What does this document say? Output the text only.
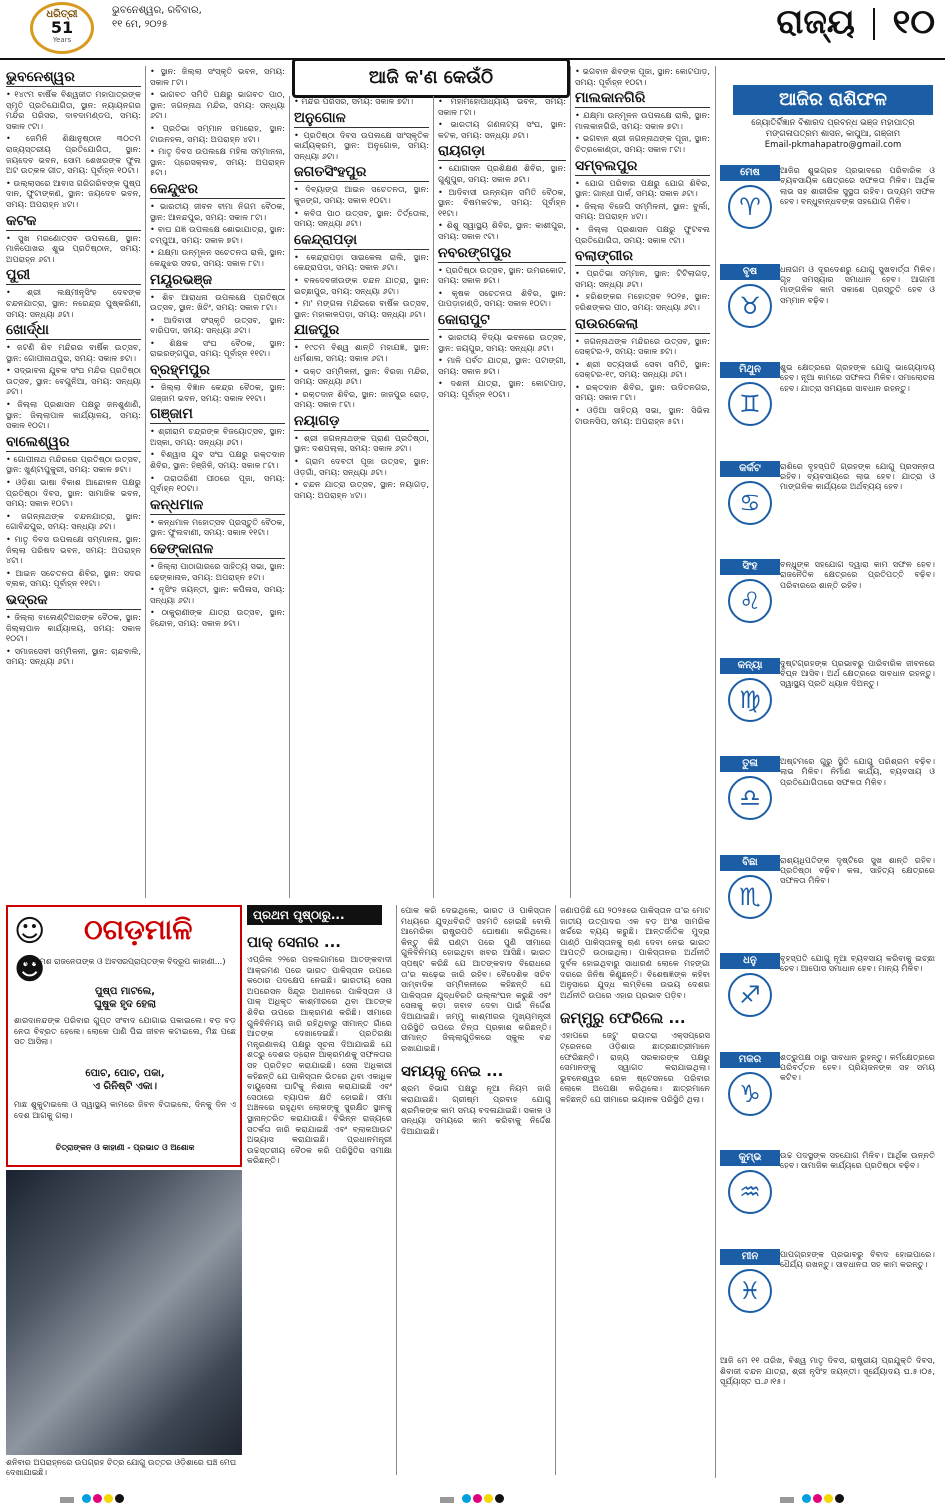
ଧରିତ୍ରୀ
51
Years
ଭୁବନେଶ୍ୱର, ରବିବାର,
୧୧ ମେ, ୨୦୨୫	ରାଜ୍ୟ ୧୦
ଆଜି କ'ଣ କେଉଁଠି
ଭୁବନେଶ୍ୱର

• ୧୪୯ମ ବାର୍ଷିକ ବିଶ୍ୱଜୀତ ମହାପାତ୍ରଙ୍କ ସ୍ମୃତି ପ୍ରତିଯୋଗିତା, ସ୍ଥାନ: ନ୍ୟାୟନଗର ମନ୍ଦିର ପରିସର, ଦାବଦାମଣ୍ଡପ, ସମୟ: ସକାଳ ୯ଟା।

• ଜେମିନି ଶିକ୍ଷାନୁଷ୍ଠାନ ୩୦ତମ ରାଜ୍ୟସ୍ତରୀୟ ପ୍ରତିଯୋଗିତା, ସ୍ଥାନ: ଜୟଦେବ ଭବନ, ସୋମ ଶେଖରଙ୍କ ଫୁଲ ଅଟ ଉତ୍କଳ ଗୀତ, ସମୟ: ପୂର୍ବାହ୍ନ ୧୦ଟା।

• ଉଲ୍ଲାସରେ ଆବାସ ଗରିଗରିବଙ୍କ ପୁଷ୍ପ ଦାନ, ଫୁଟାଙ୍କଣ, ସ୍ଥାନ: ଜୟଦେବ ଭବନ, ସମୟ: ଅପରାହ୍ନ ୪ଟା।

କଟକ

• ସୁଖ ମରଣୋତ୍ସବ ଉପଲକ୍ଷେ, ସ୍ଥାନ: ମାଳିପୋଖର ଶୁଭ ପ୍ରତିଷ୍ଠାନ, ସମୟ: ଅପରାହ୍ନ ୬ଟା।

ପୁରୀ

• ଶ୍ରୀ ଲକ୍ଷ୍ମୀନୃସିଂହ ଦେବଙ୍କ ଚନ୍ଦନଯାତ୍ରା, ସ୍ଥାନ: ନରେନ୍ଦ୍ର ପୁଷ୍କରିଣୀ, ସମୟ: ସନ୍ଧ୍ୟା ୬ଟା।

ଖୋର୍ଦ୍ଧା

• ଜଟଣି ଶିବ ମନ୍ଦିରର ବାର୍ଷିକ ଉତ୍ସବ, ସ୍ଥାନ: ଗୋପୀନାଥପୁର, ସମୟ: ସକାଳ ୭ଟା।

• ସଦ୍ଭାବନା ଯୁବକ ସଂଘ ମନ୍ଦିର ପ୍ରତିଷ୍ଠା ଉତ୍ସବ, ସ୍ଥାନ: ବେଗୁନିଆ, ସମୟ: ସନ୍ଧ୍ୟା ୬ଟା।

• ଜିଲ୍ଲା ପ୍ରଶାସନ ପକ୍ଷରୁ ଜନଶୁଣାଣି, ସ୍ଥାନ: ଜିଲ୍ଲାପାଳ କାର୍ଯ୍ୟାଳୟ, ସମୟ: ସକାଳ ୧୦ଟା।

ବାଲେଶ୍ୱର

• ଗୋପୀନାଥ ମନ୍ଦିରରେ ପ୍ରତିଷ୍ଠା ଉତ୍ସବ, ସ୍ଥାନ: ଖୁଣ୍ଟାପୁକୁରୀ, ସମୟ: ସକାଳ ୭ଟା।

• ଓଡ଼ିଶା ଭାଷା ବିକାଶ ଆନ୍ଦୋଳନ ପକ୍ଷରୁ ପ୍ରତିଷ୍ଠା ଦିବସ, ସ୍ଥାନ: ସାମାଜିକ ଭବନ, ସମୟ: ସକାଳ ୧୦ଟା।

• ଜଗନ୍ନାଥଙ୍କ ଚନ୍ଦନଯାତ୍ରା, ସ୍ଥାନ: ଗୋବିନ୍ଦପୁର, ସମୟ: ସନ୍ଧ୍ୟା ୬ଟା।

• ମାତୃ ଦିବସ ଉପଲକ୍ଷେ ସମ୍ମାନନା, ସ୍ଥାନ: ଜିଲ୍ଲା ପରିଷଦ ଭବନ, ସମୟ: ଅପରାହ୍ନ ୪ଟା।

• ଆଇନ ସଚେତନତା ଶିବିର, ସ୍ଥାନ: ସଦର ବ୍ଲକ, ସମୟ: ପୂର୍ବାହ୍ନ ୧୧ଟା।

ଭଦ୍ରକ

• ଜିଲ୍ଲା ବାଲେଣ୍ଟିଅରଙ୍କ ବୈଠକ, ସ୍ଥାନ: ଜିଲ୍ଲାପାଳ କାର୍ଯ୍ୟାଳୟ, ସମୟ: ସକାଳ ୧୦ଟା।

• ସମାଜସେବୀ ସମ୍ମିଳନୀ, ସ୍ଥାନ: ଚାନ୍ଦବାଲି, ସମୟ: ସନ୍ଧ୍ୟା ୬ଟା।

• ସ୍ଥାନ: ଜିଲ୍ଲା ସଂସ୍କୃତି ଭବନ, ସମୟ: ସକାଳ ୮ଟା।

• ଭାଗବତ ସମିତି ପକ୍ଷରୁ ଭାଗବତ ପାଠ, ସ୍ଥାନ: ଜଗନ୍ନାଥ ମନ୍ଦିର, ସମୟ: ସନ୍ଧ୍ୟା ୬ଟା।

• ପ୍ରତିଭା ସମ୍ମାନ ସମାରୋହ, ସ୍ଥାନ: ଟାଉନହଲ, ସମୟ: ଅପରାହ୍ନ ୪ଟା।

• ମାତୃ ଦିବସ ଉପଲକ୍ଷେ ମହିଳା ସମ୍ମାନନା, ସ୍ଥାନ: ପ୍ରେସକ୍ଲବ, ସମୟ: ଅପରାହ୍ନ ୫ଟା।

କେନ୍ଦୁଝର

• ଭାରତୀୟ ଜୀବନ ବୀମା ନିଗମ ବୈଠକ, ସ୍ଥାନ: ଆନନ୍ଦପୁର, ସମୟ: ସକାଳ ୮ଟା।

• ବାଘ ଯଜ୍ଞ ଉପଲକ୍ଷେ ଶୋଭାଯାତ୍ରା, ସ୍ଥାନ: ଚମ୍ପୁଆ, ସମୟ: ସକାଳ ୭ଟା।

• ଯକ୍ଷ୍ମା ଉନ୍ମୂଳନ ସଚେତନତା ରାଲି, ସ୍ଥାନ: କେନ୍ଦୁଝର ସଦର, ସମୟ: ସକାଳ ୮ଟା।

ମୟୂରଭଞ୍ଜ

• ଶିବ ଆରାଧନା ଉପଲକ୍ଷେ ପ୍ରତିଷ୍ଠା ଉତ୍ସବ, ସ୍ଥାନ: ଖିଚିଂ, ସମୟ: ସକାଳ ୮ଟା।

• ଆଦିବାସୀ ସଂସ୍କୃତି ଉତ୍ସବ, ସ୍ଥାନ: ବାରିପଦା, ସମୟ: ସନ୍ଧ୍ୟା ୬ଟା।

• ଶିକ୍ଷକ ସଂଘ ବୈଠକ, ସ୍ଥାନ: ରାଇରଙ୍ଗପୁର, ସମୟ: ପୂର୍ବାହ୍ନ ୧୧ଟା।

ବ୍ରହ୍ମପୁର

• ଜିଲ୍ଲା ବିଜ୍ଞାନ କେନ୍ଦ୍ର ବୈଠକ, ସ୍ଥାନ: ଗଞ୍ଜାମ ଭବନ, ସମୟ: ସକାଳ ୧୧ଟା।

ଗଞ୍ଜାମ

• ଶ୍ରୀରାମ ଚନ୍ଦ୍ରଙ୍କ ବିଜୟୋତ୍ସବ, ସ୍ଥାନ: ଅସ୍କା, ସମୟ: ସନ୍ଧ୍ୟା ୬ଟା।

• ବିଶ୍ୱାସ ଯୁବ ସଂଘ ପକ୍ଷରୁ ରକ୍ତଦାନ ଶିବିର, ସ୍ଥାନ: ହିଞ୍ଜିଳି, ସମୟ: ସକାଳ ୮ଟା।

• ତାରାତାରିଣୀ ପୀଠରେ ପୂଜା, ସମୟ: ପୂର୍ବାହ୍ନ ୧୦ଟା।

କନ୍ଧମାଳ

• କନ୍ଧମାଳ ମହୋତ୍ସବ ପ୍ରସ୍ତୁତି ବୈଠକ, ସ୍ଥାନ: ଫୁଲବାଣୀ, ସମୟ: ସକାଳ ୧୧ଟା।

ଢେଙ୍କାନାଳ

• ଜିଲ୍ଲା ପାଠାଗାରରେ ସାହିତ୍ୟ ସଭା, ସ୍ଥାନ: ଢେଙ୍କାନାଳ, ସମୟ: ଅପରାହ୍ନ ୫ଟା।

• ନୃସିଂହ ଜୟନ୍ତୀ, ସ୍ଥାନ: କପିଳାସ, ସମୟ: ସନ୍ଧ୍ୟା ୬ଟା।

• ଠାକୁରାଣୀଙ୍କ ଯାତ୍ରା ଉତ୍ସବ, ସ୍ଥାନ: ହିନ୍ଦୋଳ, ସମୟ: ସକାଳ ୭ଟା।

• ମନ୍ଦିର ପରିସର, ସମୟ: ସକାଳ ୭ଟା।

ଅନୁଗୋଳ

• ପ୍ରତିଷ୍ଠା ଦିବସ ଉପଲକ୍ଷେ ସାଂସ୍କୃତିକ କାର୍ଯ୍ୟକ୍ରମ, ସ୍ଥାନ: ଅନୁଗୋଳ, ସମୟ: ସନ୍ଧ୍ୟା ୬ଟା।

ଜଗତସିଂହପୁର

• ଦିବ୍ୟାଙ୍ଗ ଆଇନ ସଚେତନତା, ସ୍ଥାନ: କୁଜଙ୍ଗ, ସମୟ: ସକାଳ ୧୦ଟା।

• କବିତା ପାଠ ଉତ୍ସବ, ସ୍ଥାନ: ତିର୍ତ୍ତୋଲ, ସମୟ: ସନ୍ଧ୍ୟା ୬ଟା।

କେନ୍ଦ୍ରାପଡ଼ା

• କେନ୍ଦ୍ରାପଡ଼ା ସାଇକେଲ ରାଲି, ସ୍ଥାନ: କେନ୍ଦ୍ରାପଡ଼ା, ସମୟ: ସକାଳ ୬ଟା।

• ବଳଦେବଜୀଉଙ୍କ ଚନ୍ଦନ ଯାତ୍ରା, ସ୍ଥାନ: ଇଚ୍ଛାପୁର, ସମୟ: ସନ୍ଧ୍ୟା ୬ଟା।

• ମା' ମଙ୍ଗଳା ମନ୍ଦିରରେ ବାର୍ଷିକ ଉତ୍ସବ, ସ୍ଥାନ: ମହାକାଳପଡ଼ା, ସମୟ: ସନ୍ଧ୍ୟା ୬ଟା।

ଯାଜପୁର

• ୧୯ତମ ବିଶ୍ୱ ଶାନ୍ତି ମହାଯଜ୍ଞ, ସ୍ଥାନ: ଧର୍ମଶାଳା, ସମୟ: ସକାଳ ୬ଟା।

• ଭକ୍ତ ସମ୍ମିଳନୀ, ସ୍ଥାନ: ବିରଜା ମନ୍ଦିର, ସମୟ: ସନ୍ଧ୍ୟା ୬ଟା।

• ରକ୍ତଦାନ ଶିବିର, ସ୍ଥାନ: ଜାଜପୁର ରୋଡ଼, ସମୟ: ସକାଳ ୮ଟା।

ନୟାଗଡ଼

• ଶ୍ରୀ ଜଗନ୍ନାଥଙ୍କ ପ୍ରାଣ ପ୍ରତିଷ୍ଠା, ସ୍ଥାନ: ଦଶପଲ୍ଲା, ସମୟ: ସକାଳ ୬ଟା।

• ଗ୍ରାମ ଦେବତୀ ପୂଜା ଉତ୍ସବ, ସ୍ଥାନ: ଓଡ଼ଗାଁ, ସମୟ: ସନ୍ଧ୍ୟା ୬ଟା।

• ଚନ୍ଦନ ଯାତ୍ରା ଉତ୍ସବ, ସ୍ଥାନ: ନୟାଗଡ଼, ସମୟ: ଅପରାହ୍ନ ୪ଟା।

• ମହାମହୋପାଧ୍ୟାୟ ଭବନ, ସମୟ: ସକାଳ ୮ଟା।

• ଭାରତୀୟ ଗଣନାଟ୍ୟ ସଂଘ, ସ୍ଥାନ: କଟକ, ସମୟ: ସନ୍ଧ୍ୟା ୬ଟା।

ରାୟଗଡ଼ା

• ଯୋଗାସନ ପ୍ରଶିକ୍ଷଣ ଶିବିର, ସ୍ଥାନ: ଗୁଣୁପୁର, ସମୟ: ସକାଳ ୬ଟା।

• ଆଦିବାସୀ ଉନ୍ନୟନ ସମିତି ବୈଠକ, ସ୍ଥାନ: ବିଷମକଟକ, ସମୟ: ପୂର୍ବାହ୍ନ ୧୧ଟା।

• ଶିଶୁ ସ୍ୱାସ୍ଥ୍ୟ ଶିବିର, ସ୍ଥାନ: କାଶୀପୁର, ସମୟ: ସକାଳ ୯ଟା।

ନବରଙ୍ଗପୁର

• ପ୍ରତିଷ୍ଠା ଉତ୍ସବ, ସ୍ଥାନ: ଉମରକୋଟ, ସମୟ: ସକାଳ ୭ଟା।

• କୃଷକ ସଚେତନତା ଶିବିର, ସ୍ଥାନ: ପାପଡ଼ାହାଣ୍ଡି, ସମୟ: ସକାଳ ୧୦ଟା।

କୋରାପୁଟ

• ଭାରତୀୟ ବିଦ୍ୟା ଭବନରେ ଉତ୍ସବ, ସ୍ଥାନ: ଜୟପୁର, ସମୟ: ସନ୍ଧ୍ୟା ୬ଟା।

• ମାଳି ପର୍ବତ ଯାତ୍ରା, ସ୍ଥାନ: ପଟାଙ୍ଗୀ, ସମୟ: ସକାଳ ୭ଟା।

• ଦଶନୀ ଯାତ୍ରା, ସ୍ଥାନ: କୋଟପାଡ଼, ସମୟ: ପୂର୍ବାହ୍ନ ୧୦ଟା।

• ଭଗବାନ ଶିବଙ୍କ ପୂଜା, ସ୍ଥାନ: କୋଟପାଡ଼, ସମୟ: ପୂର୍ବାହ୍ନ ୧୦ଟା।

ମାଲକାନଗିରି

• ଯକ୍ଷ୍ମା ଉନ୍ମୂଳନ ଉପଲକ୍ଷେ ରାଲି, ସ୍ଥାନ: ମାଲକାନଗିରି, ସମୟ: ସକାଳ ୭ଟା।

• ଭଗବାନ ଶ୍ରୀ ଜଗନ୍ନାଥଙ୍କ ପୂଜା, ସ୍ଥାନ: ଚିତ୍ରକୋଣ୍ଡା, ସମୟ: ସକାଳ ୮ଟା।

ସମ୍ବଲପୁର

• ଯୋଗ ପରିବାର ପକ୍ଷରୁ ଯୋଗ ଶିବିର, ସ୍ଥାନ: ଗାନ୍ଧୀ ପାର୍କ, ସମୟ: ସକାଳ ୬ଟା।

• ଜିଲ୍ଲା ବିଜେପି ସମ୍ମିଳନୀ, ସ୍ଥାନ: ବୁର୍ଲା, ସମୟ: ଅପରାହ୍ନ ୪ଟା।

• ଜିଲ୍ଲା ପ୍ରଶାସନ ପକ୍ଷରୁ ଫୁଟବଲ ପ୍ରତିଯୋଗିତା, ସମୟ: ସକାଳ ୯ଟା।

ବଲାଙ୍ଗୀର

• ପ୍ରତିଭା ସମ୍ମାନ, ସ୍ଥାନ: ଟିଟିଲାଗଡ଼, ସମୟ: ସନ୍ଧ୍ୟା ୬ଟା।

• ହରିଶଙ୍କର ମହୋତ୍ସବ ୨୦୨୫, ସ୍ଥାନ: ହରିଶଙ୍କର ପୀଠ, ସମୟ: ସନ୍ଧ୍ୟା ୬ଟା।

ରାଉରକେଲା

• ଜଗନ୍ନାଥଙ୍କ ମନ୍ଦିରରେ ଉତ୍ସବ, ସ୍ଥାନ: ସେକ୍ଟର-୨, ସମୟ: ସକାଳ ୭ଟା।

• ଶ୍ରୀ ସତ୍ୟସାଇଁ ସେବା ସମିତି, ସ୍ଥାନ: ସେକ୍ଟର-୧୯, ସମୟ: ସନ୍ଧ୍ୟା ୬ଟା।

• ରକ୍ତଦାନ ଶିବିର, ସ୍ଥାନ: ଉଦିତନଗର, ସମୟ: ସକାଳ ୮ଟା।

• ଓଡ଼ିଆ ସାହିତ୍ୟ ସଭା, ସ୍ଥାନ: ସିଭିଲ ଟାଉନସିପ, ସମୟ: ଅପରାହ୍ନ ୫ଟା।

ଆଜିର ରାଶିଫଳ
ଜ୍ୟୋତିର୍ବିଜ୍ଞାନ ବିଶାରଦ ପ୍ରବନ୍ଧ ଭଞ୍ଜ ମହାପାତ୍ର
ମଙ୍ଗଳାପତ୍ରମ ଶାସନ, କାପୁଆ, ଗଞ୍ଜାମ
Email-pkmahapatro@gmail.com
ମେଷ
♈
ଆଜିର ଶୁଭଗ୍ରହ ପ୍ରଭାବରେ ପରିବାରିକ ଓ ବ୍ୟବସାୟିକ କ୍ଷେତ୍ରରେ ସଫଳତା ମିଳିବ। ଆର୍ଥିକ ଲାଭ ସହ ଶାରୀରିକ ସୁସ୍ଥତା ରହିବ। ଉଦ୍ୟମ ସଫଳ ହେବ। ବନ୍ଧୁବାନ୍ଧବଙ୍କ ସହଯୋଗ ମିଳିବ।
ବୃଷ
♉
ଧନାଗମ ଓ ଦୂରଦେଶରୁ ଯୋଗୁ ସୁଖବାର୍ତ୍ତା ମିଳିବ। ଗୃହ ସମସ୍ୟାର ସମାଧାନ ହେବ। ଆଗାମୀ ମାଙ୍ଗଳିକ କାମ ସକାଶେ ପ୍ରସ୍ତୁତି ହେବ ଓ ସମ୍ମାନ ବଢ଼ିବ।
ମିଥୁନ
♊
ଶୁଭ କ୍ଷେତ୍ରରେ ଗ୍ରହଙ୍କ ଯୋଗୁ ଭାଗ୍ୟୋଦୟ ହେବ। ନୂଆ କାମରେ ସଫଳତା ମିଳିବ। ସମାଲୋଚନା ହେବ। ଯାତ୍ରା ସମୟରେ ସାବଧାନ ରହନ୍ତୁ।
କର୍କଟ
♋
ରାଶିରେ ବୃହସ୍ପତି ଗ୍ରହଙ୍କ ଯୋଗୁ ପ୍ରସନ୍ନତା ରହିବ। ବ୍ୟବସାୟରେ ଲାଭ ହେବ। ଯାତ୍ରା ଓ ମାଙ୍ଗଳିକ କାର୍ଯ୍ୟରେ ଅର୍ଥବ୍ୟୟ ହେବ।
ସିଂହ
♌
ବନ୍ଧୁଙ୍କ ସହଯୋଗ ଦ୍ୱାରା କାମ ସଫଳ ହେବ। ରାଜନୈତିକ କ୍ଷେତ୍ରରେ ପ୍ରତିପତ୍ତି ବଢ଼ିବ। ପରିବାରରେ ଶାନ୍ତି ରହିବ।
କନ୍ୟା
♍
ଦୁଷ୍ଟଗ୍ରହଙ୍କ ପ୍ରଭାବରୁ ପାରିବାରିକ ଜୀବନରେ ବିଘ୍ନ ଆସିବ। ଅର୍ଥ କ୍ଷେତ୍ରରେ ସାବଧାନ ରହନ୍ତୁ। ସ୍ୱାସ୍ଥ୍ୟ ପ୍ରତି ଧ୍ୟାନ ଦିଅନ୍ତୁ।
ତୁଳା
♎
ଅଷ୍ଟମରେ ଗୁରୁ ସ୍ଥିତି ଯୋଗୁ ପରିଶ୍ରମ ବଢ଼ିବ। ଲାଭ ମିଳିବ। ନିର୍ମାଣ କାର୍ଯ୍ୟ, ବ୍ୟବସାୟ ଓ ପ୍ରତିଯୋଗିତାରେ ସଫଳତା ମିଳିବ।
ବିଛା
♏
ରାଶ୍ୟଧିପତିଙ୍କ ଦୃଷ୍ଟିରେ ସୁଖ ଶାନ୍ତି ରହିବ। ପ୍ରତିଷ୍ଠା ବଢ଼ିବ। କଳା, ସାହିତ୍ୟ କ୍ଷେତ୍ରରେ ସଫଳତା ମିଳିବ।
ଧନୁ
♐
ବୃହସ୍ପତି ଯୋଗୁ ନୂଆ ବ୍ୟବସାୟ କରିବାକୁ ଇଚ୍ଛା ହେବ। ଆପୋସ ସମାଧାନ ହେବ। ମାନ୍ୟ ମିଳିବ।
ମକର
♑
ଶତ୍ରୁପକ୍ଷ ଠାରୁ ସାବଧାନ ରୁହନ୍ତୁ। କର୍ମକ୍ଷେତ୍ରରେ ପରିବର୍ତ୍ତନ ହେବ। ପ୍ରିୟଜନଙ୍କ ସହ ସମୟ କଟିବ।
କୁମ୍ଭ
♒
ଉଚ୍ଚ ପଦସ୍ଥଙ୍କ ସହଯୋଗ ମିଳିବ। ଆର୍ଥିକ ଉନ୍ନତି ହେବ। ସାମାଜିକ କାର୍ଯ୍ୟରେ ପ୍ରତିଷ୍ଠା ବଢ଼ିବ।
ମୀନ
♓
ପାପଗ୍ରହଙ୍କ ପ୍ରଭାବରୁ ବିବାଦ ହୋଇପାରେ। ଧୈର୍ଯ୍ୟ ରଖନ୍ତୁ। ସାବଧାନତା ସହ କାମ କରନ୍ତୁ।
ଆଜି ମେ ୧୧ ତାରିଖ, ବିଶ୍ୱ ମାତୃ ଦିବସ, ରାଷ୍ଟ୍ରୀୟ ପ୍ରଯୁକ୍ତି ଦିବସ, ଶିବାଜୀ ଚନ୍ଦନ ଯାତ୍ରା, ଶ୍ରୀ ନୃସିଂହ ଜୟନ୍ତୀ। ସୂର୍ଯ୍ୟୋଦୟ ଘ.୫।୦୫, ସୂର୍ଯ୍ୟାସ୍ତ ଘ.୬।୧୫।
☺☻
ଠଗଡ଼ମାଳି
(କ୍ରମଶ ରାଜନେତାଙ୍କ ଓ ଅବସରପ୍ରାପ୍ତଙ୍କ ବିଦ୍ରୂପ କାହାଣୀ...)
ପୁଷ୍ପ ମାଟଲେ,
ଘୁଷୁକ ହୃଦ ହେଲା
ଶାରଦାନନ୍ଦଙ୍କ ପରିବାର ଗୁପ୍ତ ସଂବାଦ ଯୋଗାଇ ପକାଇଲେ। ବଡ଼ ବଡ଼ ନେତା ବିବ୍ରତ ହେଲେ। ଲୋକେ ପାଣି ପିଇ ଜୀବନ କଟାଇଲେ, ମିଛ ପଛେ ସତ ଆସିଲା।
ପୋଚ, ପୋଚ, ପକା,
ଏ ରିନିଷ୍ଟି ଏକା।
ମାଛ ଶୁକୁଟାଇଲେ ଓ ସ୍ୱାସ୍ଥ୍ୟ କାମରେ ଜିବନ ବିତାଇଲେ, ଦିନକୁ ଦିନ ଏ ଦେଶ ଆଗକୁ ଗଲା।
ଚିତ୍ରାଙ୍କନ ଓ କାହାଣୀ - ପ୍ରଭାତ ଓ ଅଶୋକ
ଶନିବାର ଅପରାହ୍ନରେ ଉପଗ୍ରହ ଚିତ୍ର ଯୋଗୁ ଉତ୍ତର ଓଡ଼ିଶାରେ ଘଞ୍ଚ ମେଘ ଦେଖାଯାଇଛି।
ପ୍ରଥମ ପୃଷ୍ଠାରୁ...
ପାକ୍ ସେନାର ...

ଏପ୍ରିଲ ୨୨ରେ ପହଲଗାମରେ ଆତଙ୍କବାଦୀ ଆକ୍ରମଣ ପରେ ଭାରତ ପାକିସ୍ତାନ ଉପରେ କଠୋର ପଦକ୍ଷେପ ନେଇଛି। ଭାରତୀୟ ସେନା ଅପରେସନ ସିନ୍ଦୂର ଅଧୀନରେ ପାକିସ୍ତାନ ଓ ପାକ୍ ଅଧିକୃତ କାଶ୍ମୀରରେ ଥିବା ଆତଙ୍କ ଶିବିର ଉପରେ ଆକ୍ରମଣ କରିଛି। ସୀମାରେ ଗୁଳିବିନିମୟ ଜାରି ରହିଥିବାରୁ ସୀମାନ୍ତ ଗାଁରେ ଆତଙ୍କ ଦେଖାଦେଇଛି। ପ୍ରତିରକ୍ଷା ମନ୍ତ୍ରଣାଳୟ ପକ୍ଷରୁ ସୂଚନା ଦିଆଯାଇଛି ଯେ ଶତ୍ରୁ ଦେଶର ଡ୍ରୋନ ଆକ୍ରମଣକୁ ସଫଳତାର ସହ ପ୍ରତିହତ କରାଯାଇଛି। ସେନା ଅଧିକାରୀ କହିଛନ୍ତି ଯେ ପାକିସ୍ତାନ ଭିତରେ ଥିବା ଏକାଧିକ ବାୟୁସେନା ଘାଟିକୁ ନିଶାନା କରାଯାଇଛି ଏବଂ ସେଠାରେ ବ୍ୟାପକ କ୍ଷତି ହୋଇଛି। ସୀମା ଅଞ୍ଚଳରେ ରହୁଥିବା ଲୋକଙ୍କୁ ସୁରକ୍ଷିତ ସ୍ଥାନକୁ ସ୍ଥାନାନ୍ତରିତ କରାଯାଉଛି। ବିଭିନ୍ନ ରାଜ୍ୟରେ ସତର୍କତା ଜାରି କରାଯାଇଛି ଏବଂ ବ୍ଲାକଆଉଟ ଅଭ୍ୟାସ କରାଯାଇଛି। ପ୍ରଧାନମନ୍ତ୍ରୀ ଉଚ୍ଚସ୍ତରୀୟ ବୈଠକ କରି ପରିସ୍ଥିତିର ସମୀକ୍ଷା କରିଛନ୍ତି।

ପୋକ କରି ଦେଇଥିଲେ, ଭାରତ ଓ ପାକିସ୍ତାନ ମଧ୍ୟରେ ଯୁଦ୍ଧବିରତି ସହମତି ହୋଇଛି ବୋଲି ଆମେରିକା ରାଷ୍ଟ୍ରପତି ଘୋଷଣା କରିଥିଲେ। କିନ୍ତୁ କିଛି ଘଣ୍ଟା ପରେ ପୁଣି ସୀମାରେ ଗୁଳିବିନିମୟ ହୋଇଥିବା ଖବର ଆସିଛି। ଭାରତ ସ୍ପଷ୍ଟ କରିଛି ଯେ ଆତଙ୍କବାଦ ବିରୋଧରେ ତା'ର ଲଢ଼େଇ ଜାରି ରହିବ। ବୈଦେଶିକ ସଚିବ ସାମ୍ବାଦିକ ସମ୍ମିଳନୀରେ କହିଛନ୍ତି ଯେ ପାକିସ୍ତାନ ଯୁଦ୍ଧବିରତି ଉଲ୍ଲଂଘନ କରୁଛି ଏବଂ ସେନାକୁ କଡ଼ା ଜବାବ ଦେବା ପାଇଁ ନିର୍ଦ୍ଦେଶ ଦିଆଯାଇଛି। ଜମ୍ମୁ କାଶ୍ମୀରର ମୁଖ୍ୟମନ୍ତ୍ରୀ ପରିସ୍ଥିତି ଉପରେ ଚିନ୍ତା ପ୍ରକାଶ କରିଛନ୍ତି। ସୀମାନ୍ତ ଜିଲ୍ଲାଗୁଡ଼ିକରେ ସ୍କୁଲ ବନ୍ଦ ରଖାଯାଇଛି।

ସମୟକୁ ନେଇ ...

ଶ୍ରମ ବିଭାଗ ପକ୍ଷରୁ ନୂଆ ନିୟମ ଜାରି କରାଯାଇଛି। ଗ୍ରୀଷ୍ମ ପ୍ରବାହ ଯୋଗୁ ଶ୍ରମିକଙ୍କ କାମ ସମୟ ବଦଳାଯାଇଛି। ସକାଳ ଓ ସନ୍ଧ୍ୟା ସମୟରେ କାମ କରିବାକୁ ନିର୍ଦ୍ଦେଶ ଦିଆଯାଇଛି।

ଜଣାପଡ଼ିଛି ଯେ ୨୦୨୫ରେ ପାକିସ୍ତାନ ତା'ର ମୋଟ ଜାତୀୟ ଉତ୍ପାଦର ଏକ ବଡ଼ ଅଂଶ ସାମରିକ ଖର୍ଚ୍ଚରେ ବ୍ୟୟ କରୁଛି। ଆନ୍ତର୍ଜାତିକ ମୁଦ୍ରା ପାଣ୍ଠି ପାକିସ୍ତାନକୁ ଋଣ ଦେବା ନେଇ ଭାରତ ଆପତ୍ତି ଉଠାଇଥିଲା। ପାକିସ୍ତାନର ଅର୍ଥନୀତି ଦୁର୍ବଳ ହୋଇଥିବାରୁ ସାଧାରଣ ଲୋକେ ମହଙ୍ଗା ଦରରେ ଜିନିଷ କିଣୁଛନ୍ତି। ବିଶେଷଜ୍ଞଙ୍କ କହିବା ଅନୁସାରେ ଯୁଦ୍ଧ ଲମ୍ବିଲେ ଉଭୟ ଦେଶର ଅର୍ଥନୀତି ଉପରେ ଏହାର ପ୍ରଭାବ ପଡ଼ିବ।

ଜମ୍ମୁରୁ ଫେରିଲେ ...

ଏହାପରେ ଜେଟୁ ରାଉତରା ଏକ୍ସପ୍ରେସ ଟ୍ରେନରେ ଓଡ଼ିଶାର ଛାତ୍ରଛାତ୍ରୀମାନେ ଫେରିଛନ୍ତି। ରାଜ୍ୟ ସରକାରଙ୍କ ପକ୍ଷରୁ ସେମାନଙ୍କୁ ସ୍ୱାଗତ କରାଯାଇଥିଲା। ଭୁବନେଶ୍ୱର ରେଳ ଷ୍ଟେସନରେ ପରିବାର ଲୋକେ ଅପେକ୍ଷା କରିଥିଲେ। ଛାତ୍ରମାନେ କହିଛନ୍ତି ଯେ ସୀମାରେ ଭୟାନକ ପରିସ୍ଥିତି ଥିଲା।
